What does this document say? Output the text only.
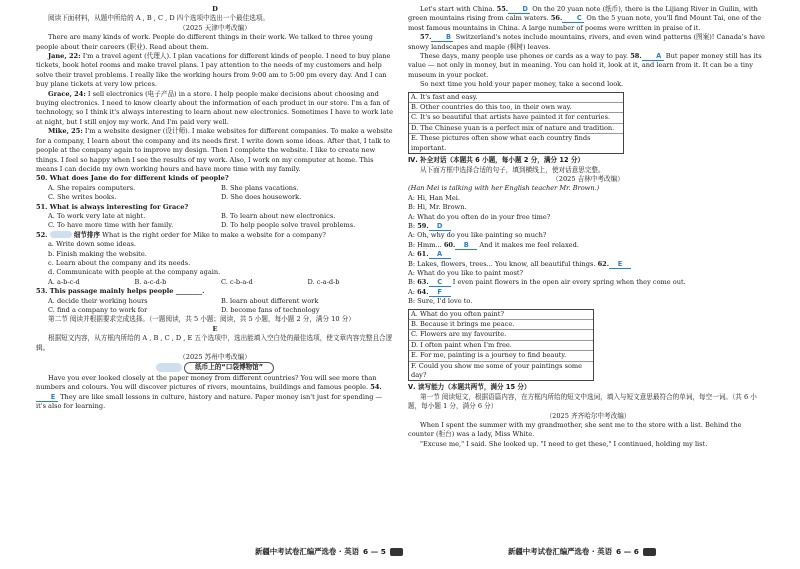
D

阅读下面材料，从题中所给的 A , B , C , D 四个选项中选出一个最佳选项。

（2025 天津中考改编）

There are many kinds of work. People do different things in their work. We talked to three young people about their careers (职业). Read about them.

Jane, 22: I'm a travel agent (代理人). I plan vacations for different kinds of people. I need to buy plane tickets, book hotel rooms and make travel plans. I pay attention to the needs of my customers and help solve their travel problems. I really like the working hours from 9:00 am to 5:00 pm every day. And I can buy plane tickets at very low prices.

Grace, 24: I sell electronics (电子产品) in a store. I help people make decisions about choosing and buying electronics. I need to know clearly about the information of each product in our store. I'm a fan of technology, so I think it's always interesting to learn about new electronics. Sometimes I have to work late at night, but I still enjoy my work. And I'm paid very well.

Mike, 25: I'm a website designer (设计师). I make websites for different companies. To make a website for a company, I learn about the company and its needs first. I write down some ideas. After that, I talk to people at the company again to improve my design. Then I complete the website. I like to create new things. I feel so happy when I see the results of my work. Also, I work on my computer at home. This means I can decide my own working hours and have more time with my family.

50. What does Jane do for different kinds of people?

A. She repairs computers.	B. She plans vacations.
C. She writes books.	D. She does housework.

51. What is always interesting for Grace?

A. To work very late at night.	B. To learn about new electronics.
C. To have more time with her family.	D. To help people solve travel problems.

52.	细节排序 What is the right order for Mike to make a website for a company?

a. Write down some ideas.
b. Finish making the website.
c. Learn about the company and its needs.
d. Communicate with people at the company again.
A. a-b-c-d	B. a-c-d-b	C. c-b-a-d	D. c-a-d-b

53. This passage mainly helps people ________.

A. decide their working hours	B. learn about different work
C. find a company to work for	D. become fans of technology

第二节 阅读并根据要求完成选择。（一题阅读，共 5 小题；阅读，共 5 小题，每小题 2 分，满分 10 分）

E

根据短文内容，从方框内所给的 A , B , C , D , E 五个选项中，选出能填入空白处的最佳选项，使文章内容完整且合逻辑。

（2025 苏州中考改编）

纸币上的“口袋博物馆”

Have you ever looked closely at the paper money from different countries? You will see more than numbers and colours. You will discover pictures of rivers, mountains, buildings and famous people. 54.E They are like small lessons in culture, history and nature. Paper money isn't just for spending — it's also for learning.

新疆中考试卷汇编严选卷 · 英语 6 — 5

Let's start with China. 55. D On the 20 yuan note (纸币), there is the Lijiang River in Guilin, with green mountains rising from calm waters. 56. C On the 5 yuan note, you'll find Mount Tai, one of the most famous mountains in China. A large number of poems were written in praise of it.

57. B Switzerland's notes include mountains, rivers, and even wind patterns (图案)! Canada's have snowy landscapes and maple (枫树) leaves.

These days, many people use phones or cards as a way to pay. 58. A But paper money still has its value — not only in money, but in meaning. You can hold it, look at it, and learn from it. It can be a tiny museum in your pocket.

So next time you hold your paper money, take a second look.

A. It's fast and easy.

B. Other countries do this too, in their own way.

C. It's so beautiful that artists have painted it for centuries.

D. The Chinese yuan is a perfect mix of nature and tradition.

E. These pictures often show what each country finds important.

Ⅳ. 补全对话（本题共 6 小题，每小题 2 分，满分 12 分）

从下面方框中选择合适的句子，填到横线上，使对话意思完整。

（2025 吉林中考改编）

(Han Mei is talking with her English teacher Mr. Brown.)

A: Hi, Han Mei.

B: Hi, Mr. Brown.

A: What do you often do in your free time?

B: 59. D

A: Oh, why do you like painting so much?

B: Hmm... 60. B And it makes me feel relaxed.

A: 61. A

B: Lakes, flowers, trees... You know, all beautiful things. 62. E

A: What do you like to paint most?

B: 63. C I even paint flowers in the open air every spring when they come out.

A: 64. F

B: Sure, I'd love to.

A. What do you often paint?

B. Because it brings me peace.

C. Flowers are my favourite.

D. I often paint when I'm free.

E. For me, painting is a journey to find beauty.

F. Could you show me some of your paintings some day?

Ⅴ. 读写能力（本题共两节，满分 15 分）

第一节 阅读短文，根据语篇内容，在方框内所给的短文中选词，填入与短文意思最符合的单词，每空一词。（共 6 小题，每小题 1 分，满分 6 分）

（2025 齐齐哈尔中考改编）

When I spent the summer with my grandmother, she sent me to the store with a list. Behind the counter (柜台) was a lady, Miss White.

"Excuse me," I said. She looked up. "I need to get these," I continued, holding my list.

新疆中考试卷汇编严选卷 · 英语 6 — 6
